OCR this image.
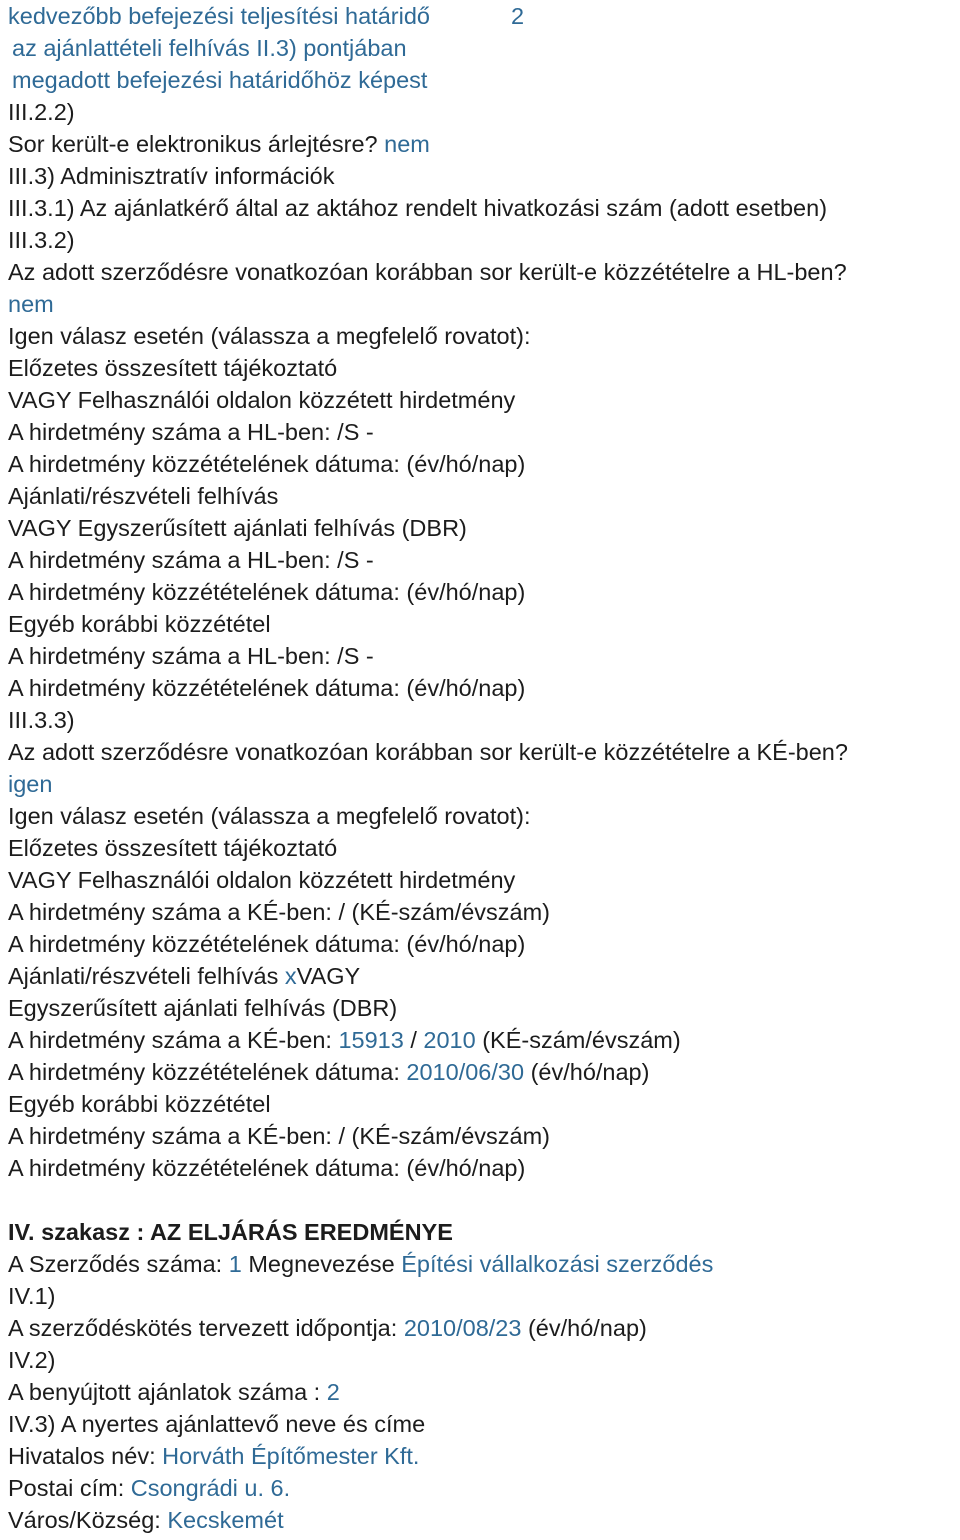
kedvezőbb befejezési teljesítési határidő
az ajánlattételi felhívás II.3) pontjában
megadott befejezési határidőhöz képest
2
III.2.2)
Sor került-e elektronikus árlejtésre? nem
III.3) Adminisztratív információk
III.3.1) Az ajánlatkérő által az aktához rendelt hivatkozási szám (adott esetben)
III.3.2)
Az adott szerződésre vonatkozóan korábban sor került-e közzétételre a HL-ben?
nem
Igen válasz esetén (válassza a megfelelő rovatot):
Előzetes összesített tájékoztató
VAGY Felhasználói oldalon közzétett hirdetmény
A hirdetmény száma a HL-ben: /S -
A hirdetmény közzétételének dátuma: (év/hó/nap)
Ajánlati/részvételi felhívás
VAGY Egyszerűsített ajánlati felhívás (DBR)
A hirdetmény száma a HL-ben: /S -
A hirdetmény közzétételének dátuma: (év/hó/nap)
Egyéb korábbi közzététel
A hirdetmény száma a HL-ben: /S -
A hirdetmény közzétételének dátuma: (év/hó/nap)
III.3.3)
Az adott szerződésre vonatkozóan korábban sor került-e közzétételre a KÉ-ben?
igen
Igen válasz esetén (válassza a megfelelő rovatot):
Előzetes összesített tájékoztató
VAGY Felhasználói oldalon közzétett hirdetmény
A hirdetmény száma a KÉ-ben: / (KÉ-szám/évszám)
A hirdetmény közzétételének dátuma: (év/hó/nap)
Ajánlati/részvételi felhívás xVAGY
Egyszerűsített ajánlati felhívás (DBR)
A hirdetmény száma a KÉ-ben: 15913 / 2010 (KÉ-szám/évszám)
A hirdetmény közzétételének dátuma: 2010/06/30 (év/hó/nap)
Egyéb korábbi közzététel
A hirdetmény száma a KÉ-ben: / (KÉ-szám/évszám)
A hirdetmény közzétételének dátuma: (év/hó/nap)
IV. szakasz : AZ ELJÁRÁS EREDMÉNYE
A Szerződés száma: 1 Megnevezése Építési vállalkozási szerződés
IV.1)
A szerződéskötés tervezett időpontja: 2010/08/23 (év/hó/nap)
IV.2)
A benyújtott ajánlatok száma : 2
IV.3) A nyertes ajánlattevő neve és címe
Hivatalos név: Horváth Építőmester Kft.
Postai cím: Csongrádi u. 6.
Város/Község: Kecskemét
